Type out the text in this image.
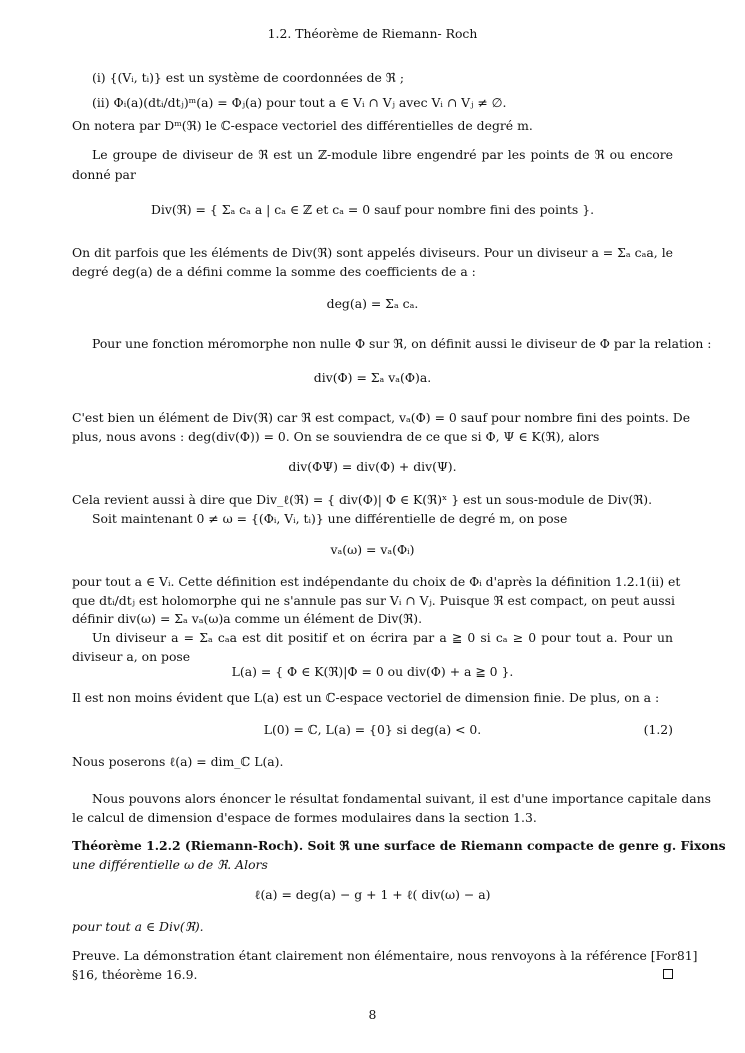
1.2. Théorème de Riemann- Roch
(i) {(Vᵢ, tᵢ)} est un système de coordonnées de ℜ ;
(ii) Φᵢ(a)(dtᵢ/dtⱼ)ᵐ(a) = Φⱼ(a) pour tout a ∈ Vᵢ ∩ Vⱼ avec Vᵢ ∩ Vⱼ ≠ ∅.
On notera par Dᵐ(ℜ) le ℂ-espace vectoriel des différentielles de degré m.
Le groupe de diviseur de ℜ est un ℤ-module libre engendré par les points de ℜ ou encore
donné par
Div(ℜ) = { Σₐ cₐ a | cₐ ∈ ℤ et cₐ = 0 sauf pour nombre fini des points }.
On dit parfois que les éléments de Div(ℜ) sont appelés diviseurs. Pour un diviseur a = Σₐ cₐa, le
degré deg(a) de a défini comme la somme des coefficients de a :
deg(a) = Σₐ cₐ.
Pour une fonction méromorphe non nulle Φ sur ℜ, on définit aussi le diviseur de Φ par la relation :
div(Φ) = Σₐ vₐ(Φ)a.
C'est bien un élément de Div(ℜ) car ℜ est compact, vₐ(Φ) = 0 sauf pour nombre fini des points. De
plus, nous avons : deg(div(Φ)) = 0. On se souviendra de ce que si Φ, Ψ ∈ K(ℜ), alors
div(ΦΨ) = div(Φ) + div(Ψ).
Cela revient aussi à dire que Div_ℓ(ℜ) = { div(Φ)| Φ ∈ K(ℜ)ˣ } est un sous-module de Div(ℜ).
Soit maintenant 0 ≠ ω = {(Φᵢ, Vᵢ, tᵢ)} une différentielle de degré m, on pose
vₐ(ω) = vₐ(Φᵢ)
pour tout a ∈ Vᵢ. Cette définition est indépendante du choix de Φᵢ d'après la définition 1.2.1(ii) et
que dtᵢ/dtⱼ est holomorphe qui ne s'annule pas sur Vᵢ ∩ Vⱼ. Puisque ℜ est compact, on peut aussi
définir div(ω) = Σₐ vₐ(ω)a comme un élément de Div(ℜ).
Un diviseur a = Σₐ cₐa est dit positif et on écrira par a ≧ 0 si cₐ ≥ 0 pour tout a. Pour un
diviseur a, on pose
L(a) = { Φ ∈ K(ℜ)|Φ = 0 ou div(Φ) + a ≧ 0 }.
Il est non moins évident que L(a) est un ℂ-espace vectoriel de dimension finie. De plus, on a :
L(0) = ℂ, L(a) = {0} si deg(a) < 0.	(1.2)
Nous poserons ℓ(a) = dim_ℂ L(a).
Nous pouvons alors énoncer le résultat fondamental suivant, il est d'une importance capitale dans
le calcul de dimension d'espace de formes modulaires dans la section 1.3.
Théorème 1.2.2 (Riemann-Roch). Soit ℜ une surface de Riemann compacte de genre g. Fixons
une différentielle ω de ℜ. Alors
ℓ(a) = deg(a) − g + 1 + ℓ( div(ω) − a)
pour tout a ∈ Div(ℜ).
Preuve. La démonstration étant clairement non élémentaire, nous renvoyons à la référence [For81]
§16, théorème 16.9.
8
